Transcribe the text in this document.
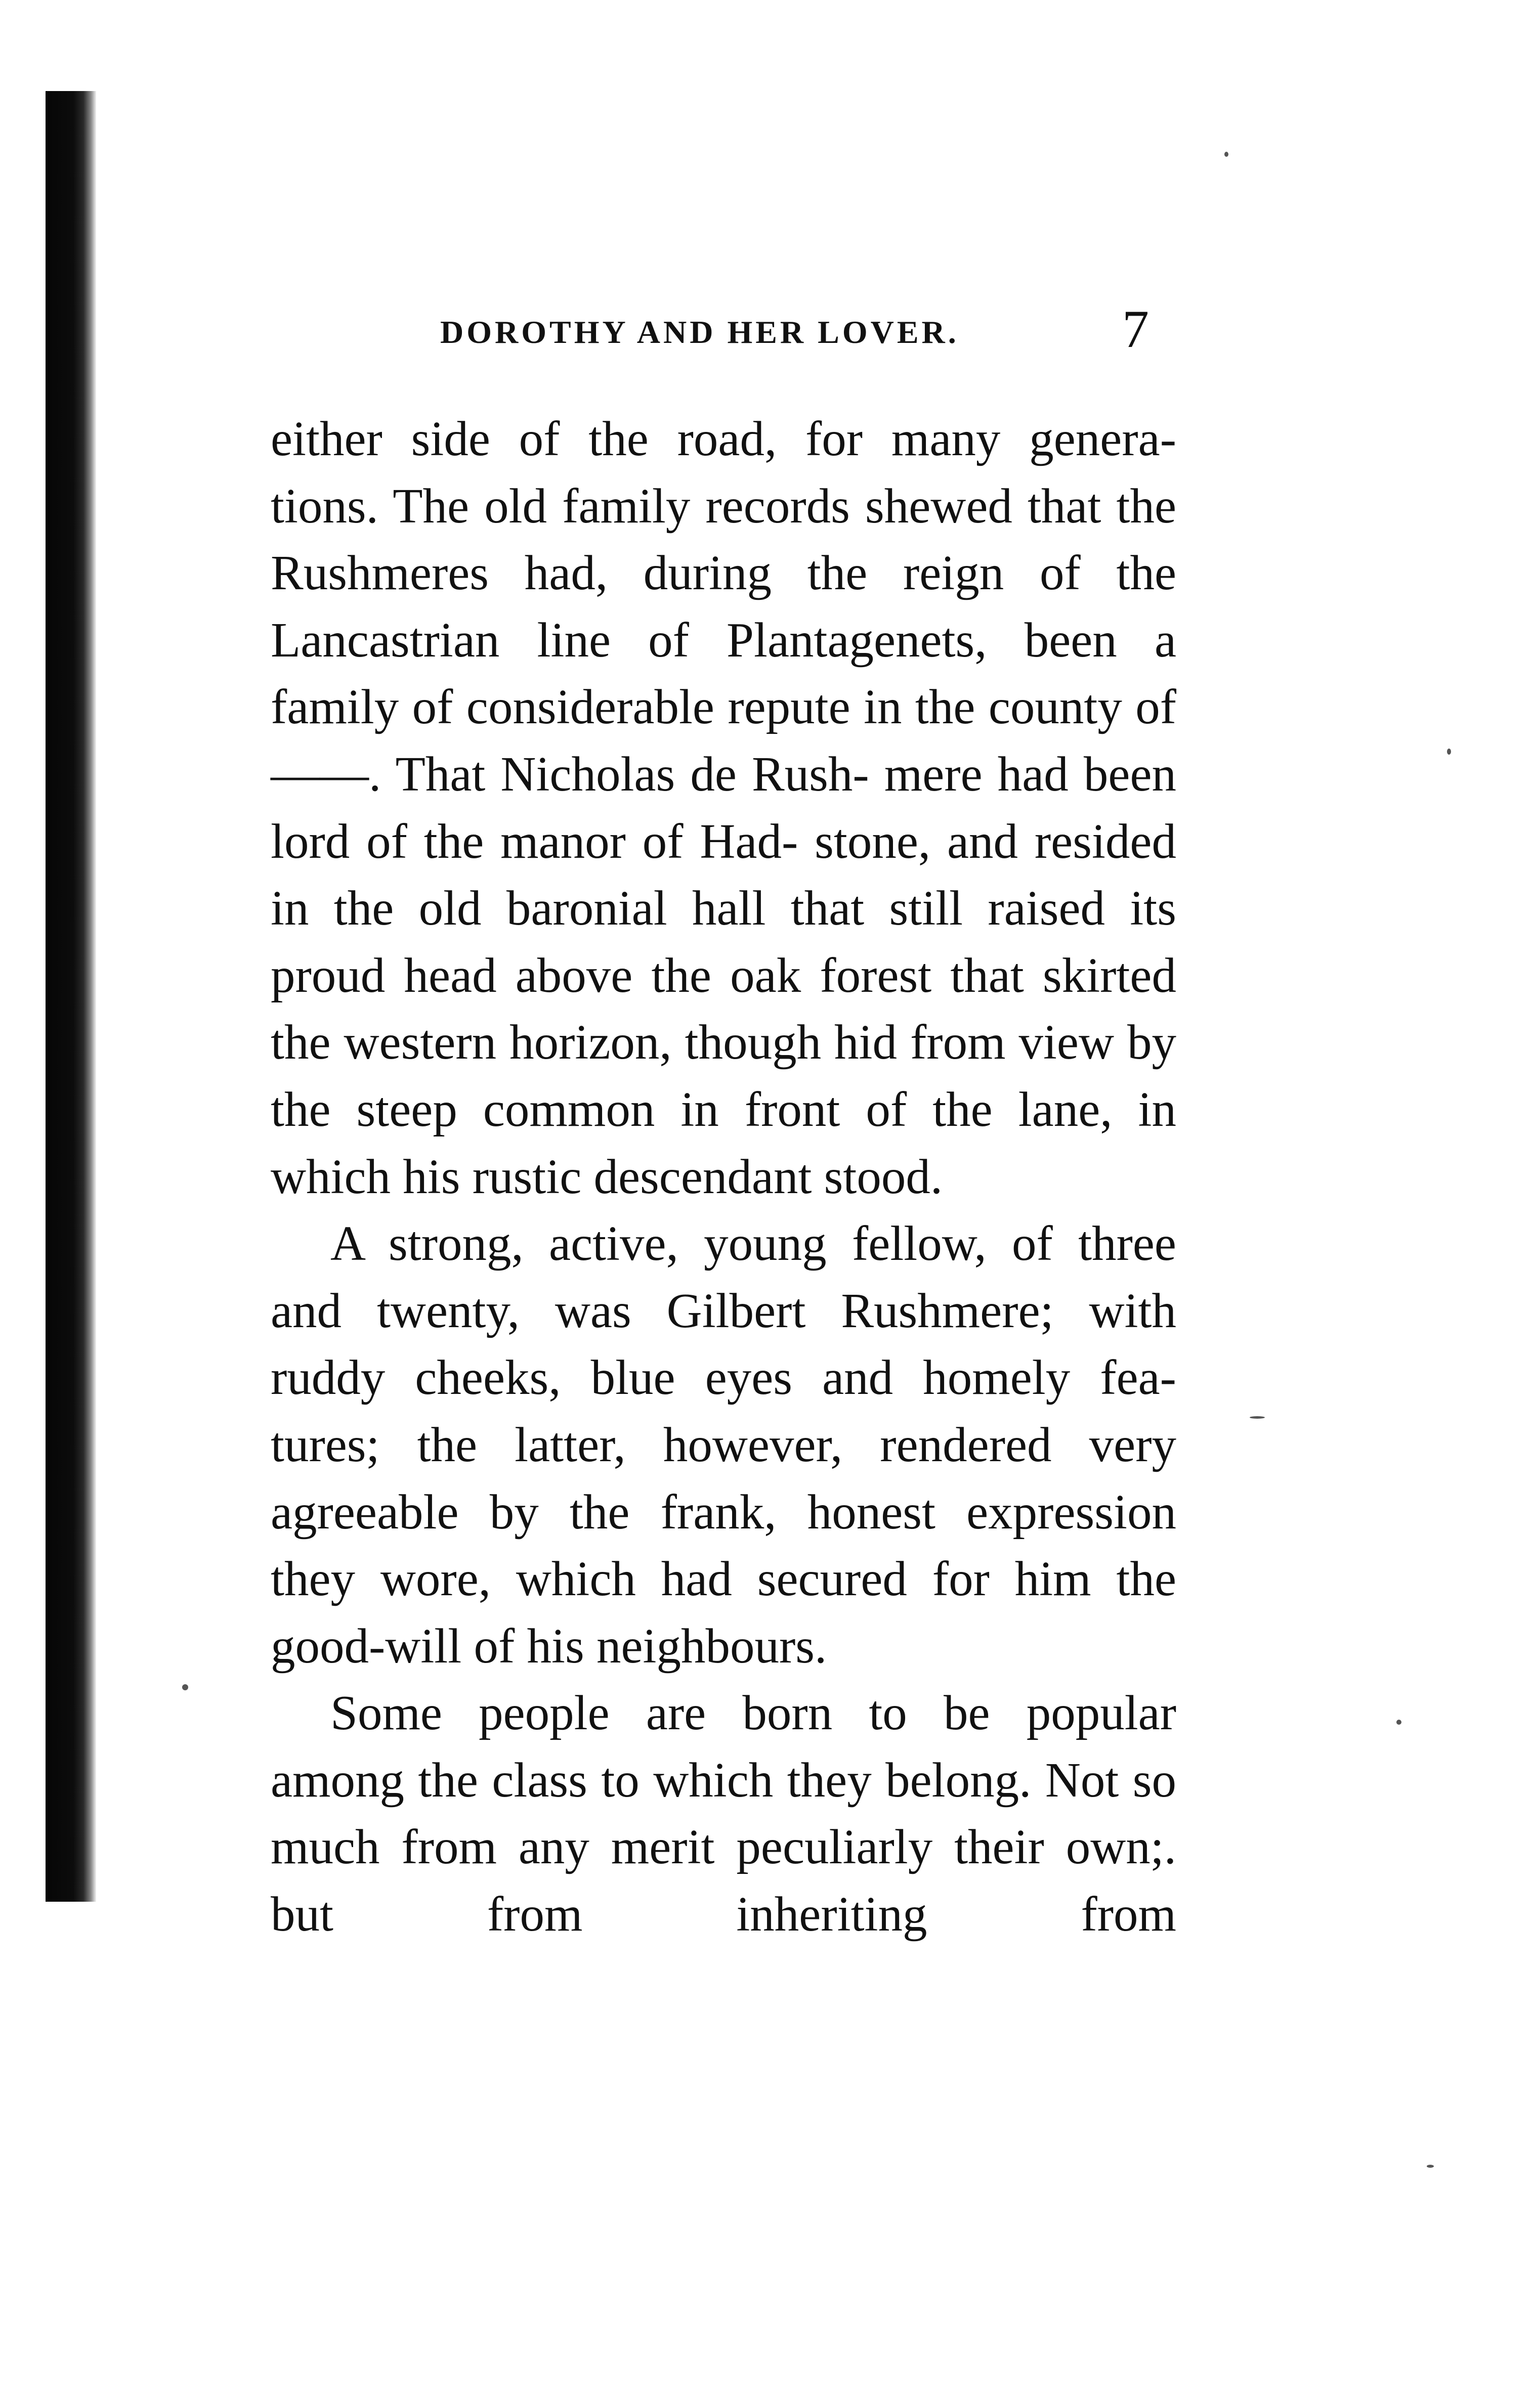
DOROTHY AND HER LOVER.	7

either side of the road, for many genera- tions. The old family records shewed that the Rushmeres had, during the reign of the Lancastrian line of Plantagenets, been a family of considerable repute in the county of ——. That Nicholas de Rush- mere had been lord of the manor of Had- stone, and resided in the old baronial hall that still raised its proud head above the oak forest that skirted the western horizon, though hid from view by the steep common in front of the lane, in which his rustic descendant stood.

A strong, active, young fellow, of three and twenty, was Gilbert Rushmere; with ruddy cheeks, blue eyes and homely fea- tures; the latter, however, rendered very agreeable by the frank, honest expression they wore, which had secured for him the good-will of his neighbours.

Some people are born to be popular among the class to which they belong. Not so much from any merit peculiarly their own;. but from inheriting from
